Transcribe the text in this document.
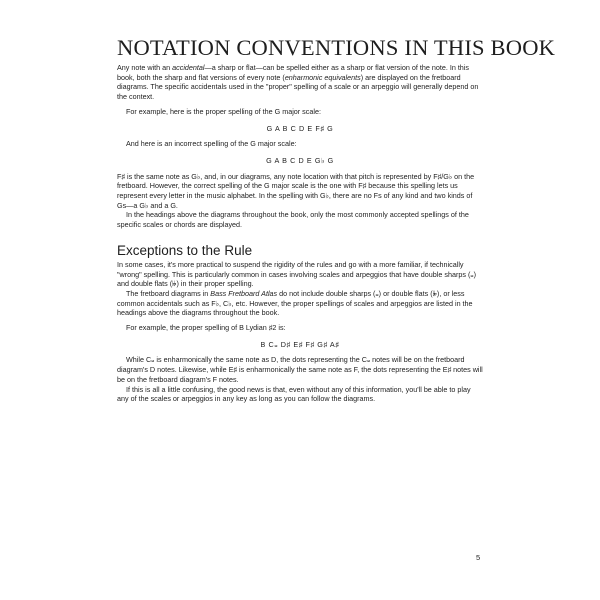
NOTATION CONVENTIONS IN THIS BOOK

Any note with an accidental—a sharp or flat—can be spelled either as a sharp or flat version of the note. In this book, both the sharp and flat versions of every note (enharmonic equivalents) are displayed on the fretboard diagrams. The specific accidentals used in the "proper" spelling of a scale or an arpeggio will generally depend on the context.

For example, here is the proper spelling of the G major scale:

G A B C D E F♯ G

And here is an incorrect spelling of the G major scale:

G A B C D E G♭ G

F♯ is the same note as G♭, and, in our diagrams, any note location with that pitch is represented by F♯/G♭ on the fretboard. However, the correct spelling of the G major scale is the one with F♯ because this spelling lets us represent every letter in the music alphabet. In the spelling with G♭, there are no Fs of any kind and two kinds of Gs—a G♭ and a G.

In the headings above the diagrams throughout the book, only the most commonly accepted spellings of the specific scales or chords are displayed.

Exceptions to the Rule

In some cases, it's more practical to suspend the rigidity of the rules and go with a more familiar, if technically "wrong" spelling. This is particularly common in cases involving scales and arpeggios that have double sharps (𝄪) and double flats (𝄫) in their proper spelling.

The fretboard diagrams in Bass Fretboard Atlas do not include double sharps (𝄪) or double flats (𝄫), or less common accidentals such as F♭, C♭, etc. However, the proper spellings of scales and arpeggios are listed in the headings above the diagrams throughout the book.

For example, the proper spelling of B Lydian ♯2 is:

B C𝄪 D♯ E♯ F♯ G♯ A♯

While C𝄪 is enharmonically the same note as D, the dots representing the C𝄪 notes will be on the fretboard diagram's D notes. Likewise, while E♯ is enharmonically the same note as F, the dots representing the E♯ notes will be on the fretboard diagram's F notes.

If this is all a little confusing, the good news is that, even without any of this information, you'll be able to play any of the scales or arpeggios in any key as long as you can follow the diagrams.

5
